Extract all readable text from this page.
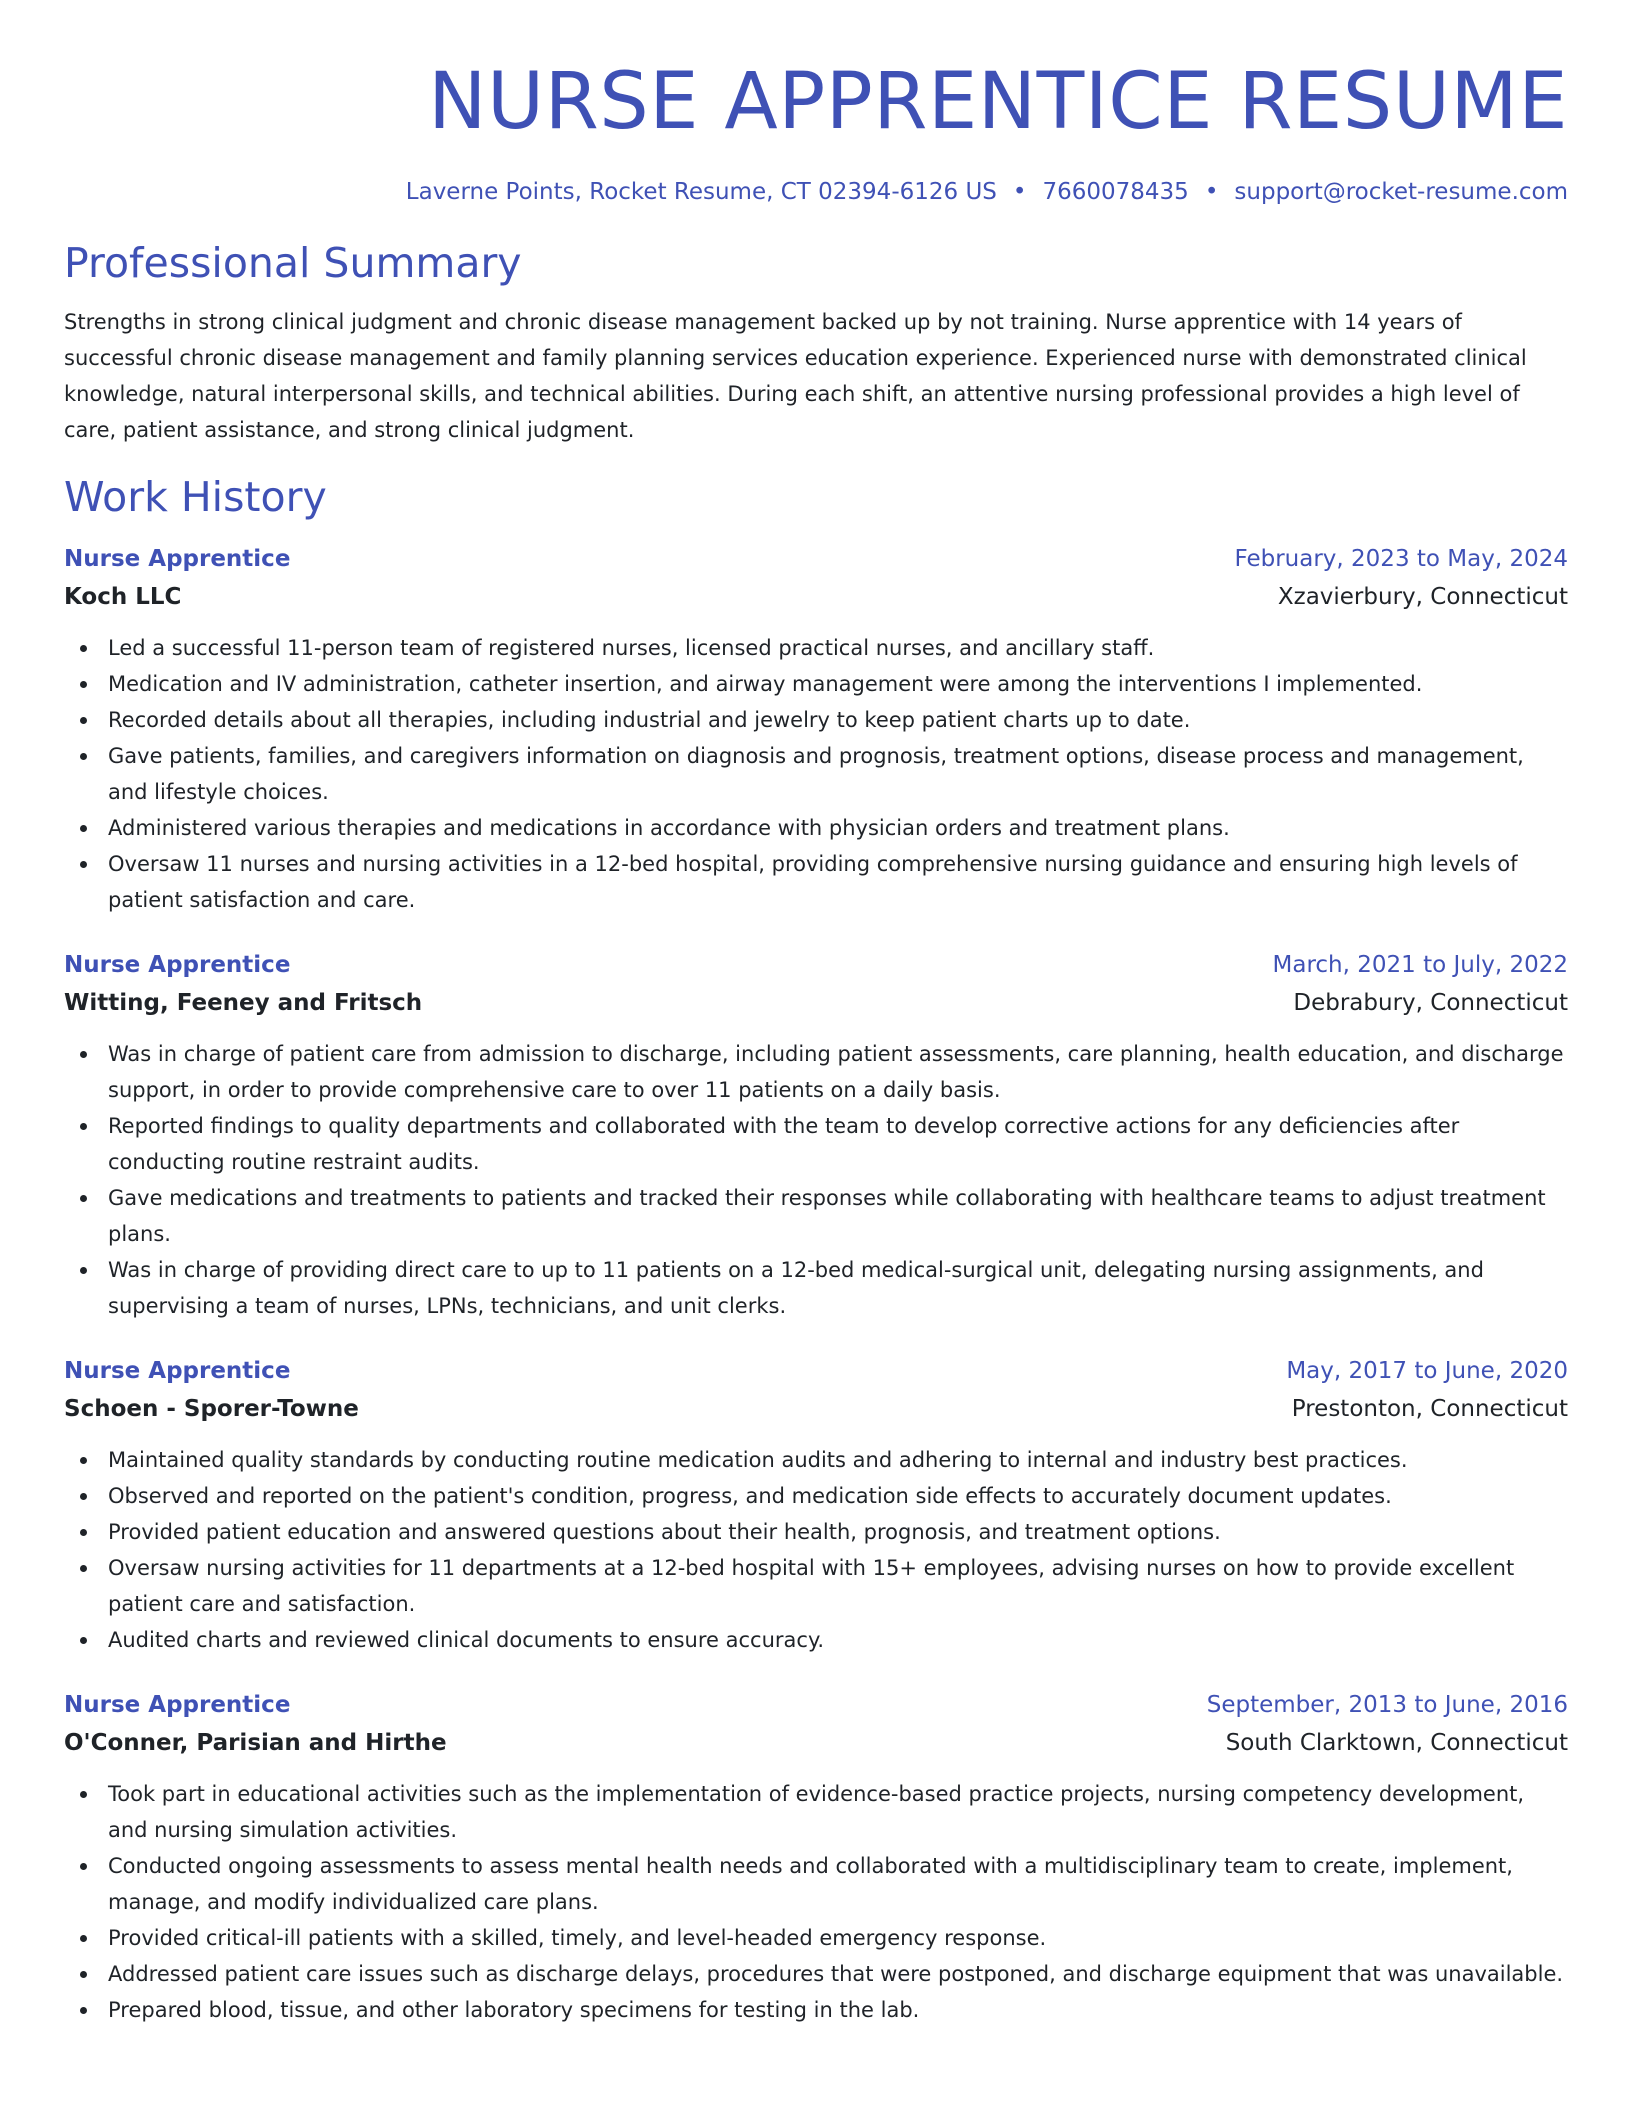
NURSE APPRENTICE RESUME
Laverne Points, Rocket Resume, CT 02394-6126 US • 7660078435 • support@rocket-resume.com
Professional Summary

Strengths in strong clinical judgment and chronic disease management backed up by not training. Nurse apprentice with 14 years of successful chronic disease management and family planning services education experience. Experienced nurse with demonstrated clinical knowledge, natural interpersonal skills, and technical abilities. During each shift, an attentive nursing professional provides a high level of care, patient assistance, and strong clinical judgment.

Work History
Nurse Apprentice	February, 2023 to May, 2024
Koch LLC	Xzavierbury, Connecticut
Led a successful 11-person team of registered nurses, licensed practical nurses, and ancillary staff.
Medication and IV administration, catheter insertion, and airway management were among the interventions I implemented.
Recorded details about all therapies, including industrial and jewelry to keep patient charts up to date.
Gave patients, families, and caregivers information on diagnosis and prognosis, treatment options, disease process and management, and lifestyle choices.
Administered various therapies and medications in accordance with physician orders and treatment plans.
Oversaw 11 nurses and nursing activities in a 12-bed hospital, providing comprehensive nursing guidance and ensuring high levels of patient satisfaction and care.
Nurse Apprentice	March, 2021 to July, 2022
Witting, Feeney and Fritsch	Debrabury, Connecticut
Was in charge of patient care from admission to discharge, including patient assessments, care planning, health education, and discharge support, in order to provide comprehensive care to over 11 patients on a daily basis.
Reported findings to quality departments and collaborated with the team to develop corrective actions for any deficiencies after conducting routine restraint audits.
Gave medications and treatments to patients and tracked their responses while collaborating with healthcare teams to adjust treatment plans.
Was in charge of providing direct care to up to 11 patients on a 12-bed medical-surgical unit, delegating nursing assignments, and supervising a team of nurses, LPNs, technicians, and unit clerks.
Nurse Apprentice	May, 2017 to June, 2020
Schoen - Sporer-Towne	Prestonton, Connecticut
Maintained quality standards by conducting routine medication audits and adhering to internal and industry best practices.
Observed and reported on the patient's condition, progress, and medication side effects to accurately document updates.
Provided patient education and answered questions about their health, prognosis, and treatment options.
Oversaw nursing activities for 11 departments at a 12-bed hospital with 15+ employees, advising nurses on how to provide excellent patient care and satisfaction.
Audited charts and reviewed clinical documents to ensure accuracy.
Nurse Apprentice	September, 2013 to June, 2016
O'Conner, Parisian and Hirthe	South Clarktown, Connecticut
Took part in educational activities such as the implementation of evidence-based practice projects, nursing competency development, and nursing simulation activities.
Conducted ongoing assessments to assess mental health needs and collaborated with a multidisciplinary team to create, implement, manage, and modify individualized care plans.
Provided critical-ill patients with a skilled, timely, and level-headed emergency response.
Addressed patient care issues such as discharge delays, procedures that were postponed, and discharge equipment that was unavailable.
Prepared blood, tissue, and other laboratory specimens for testing in the lab.
